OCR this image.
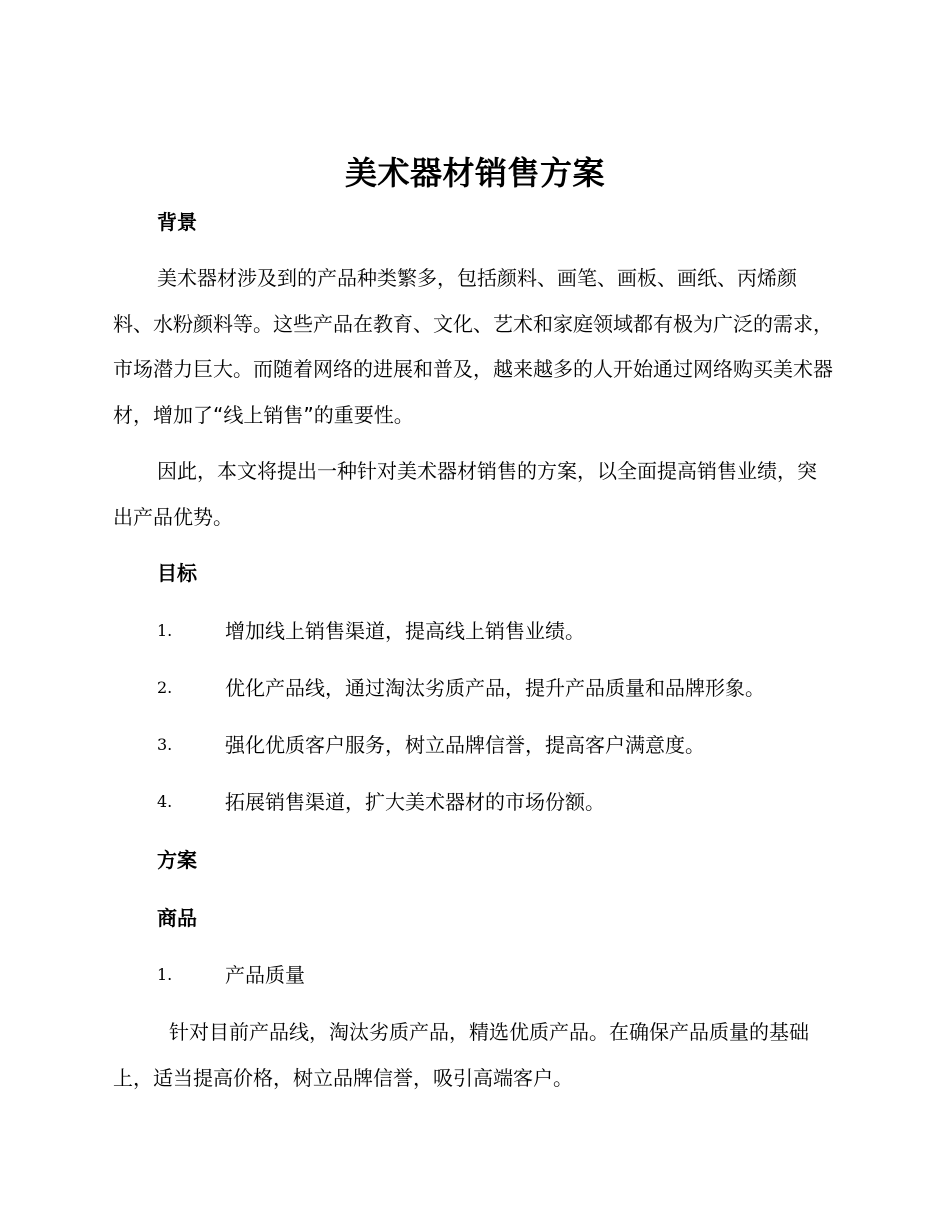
美术器材销售方案
背景

美术器材涉及到的产品种类繁多，包括颜料、画笔、画板、画纸、丙烯颜料、水粉颜料等。这些产品在教育、文化、艺术和家庭领域都有极为广泛的需求，市场潜力巨大。而随着网络的进展和普及，越来越多的人开始通过网络购买美术器材，增加了“线上销售”的重要性。

因此，本文将提出一种针对美术器材销售的方案，以全面提高销售业绩，突出产品优势。

目标
1.	增加线上销售渠道，提高线上销售业绩。
2.	优化产品线，通过淘汰劣质产品，提升产品质量和品牌形象。
3.	强化优质客户服务，树立品牌信誉，提高客户满意度。
4.	拓展销售渠道，扩大美术器材的市场份额。
方案
商品
1.	产品质量

针对目前产品线，淘汰劣质产品，精选优质产品。在确保产品质量的基础上，适当提高价格，树立品牌信誉，吸引高端客户。
